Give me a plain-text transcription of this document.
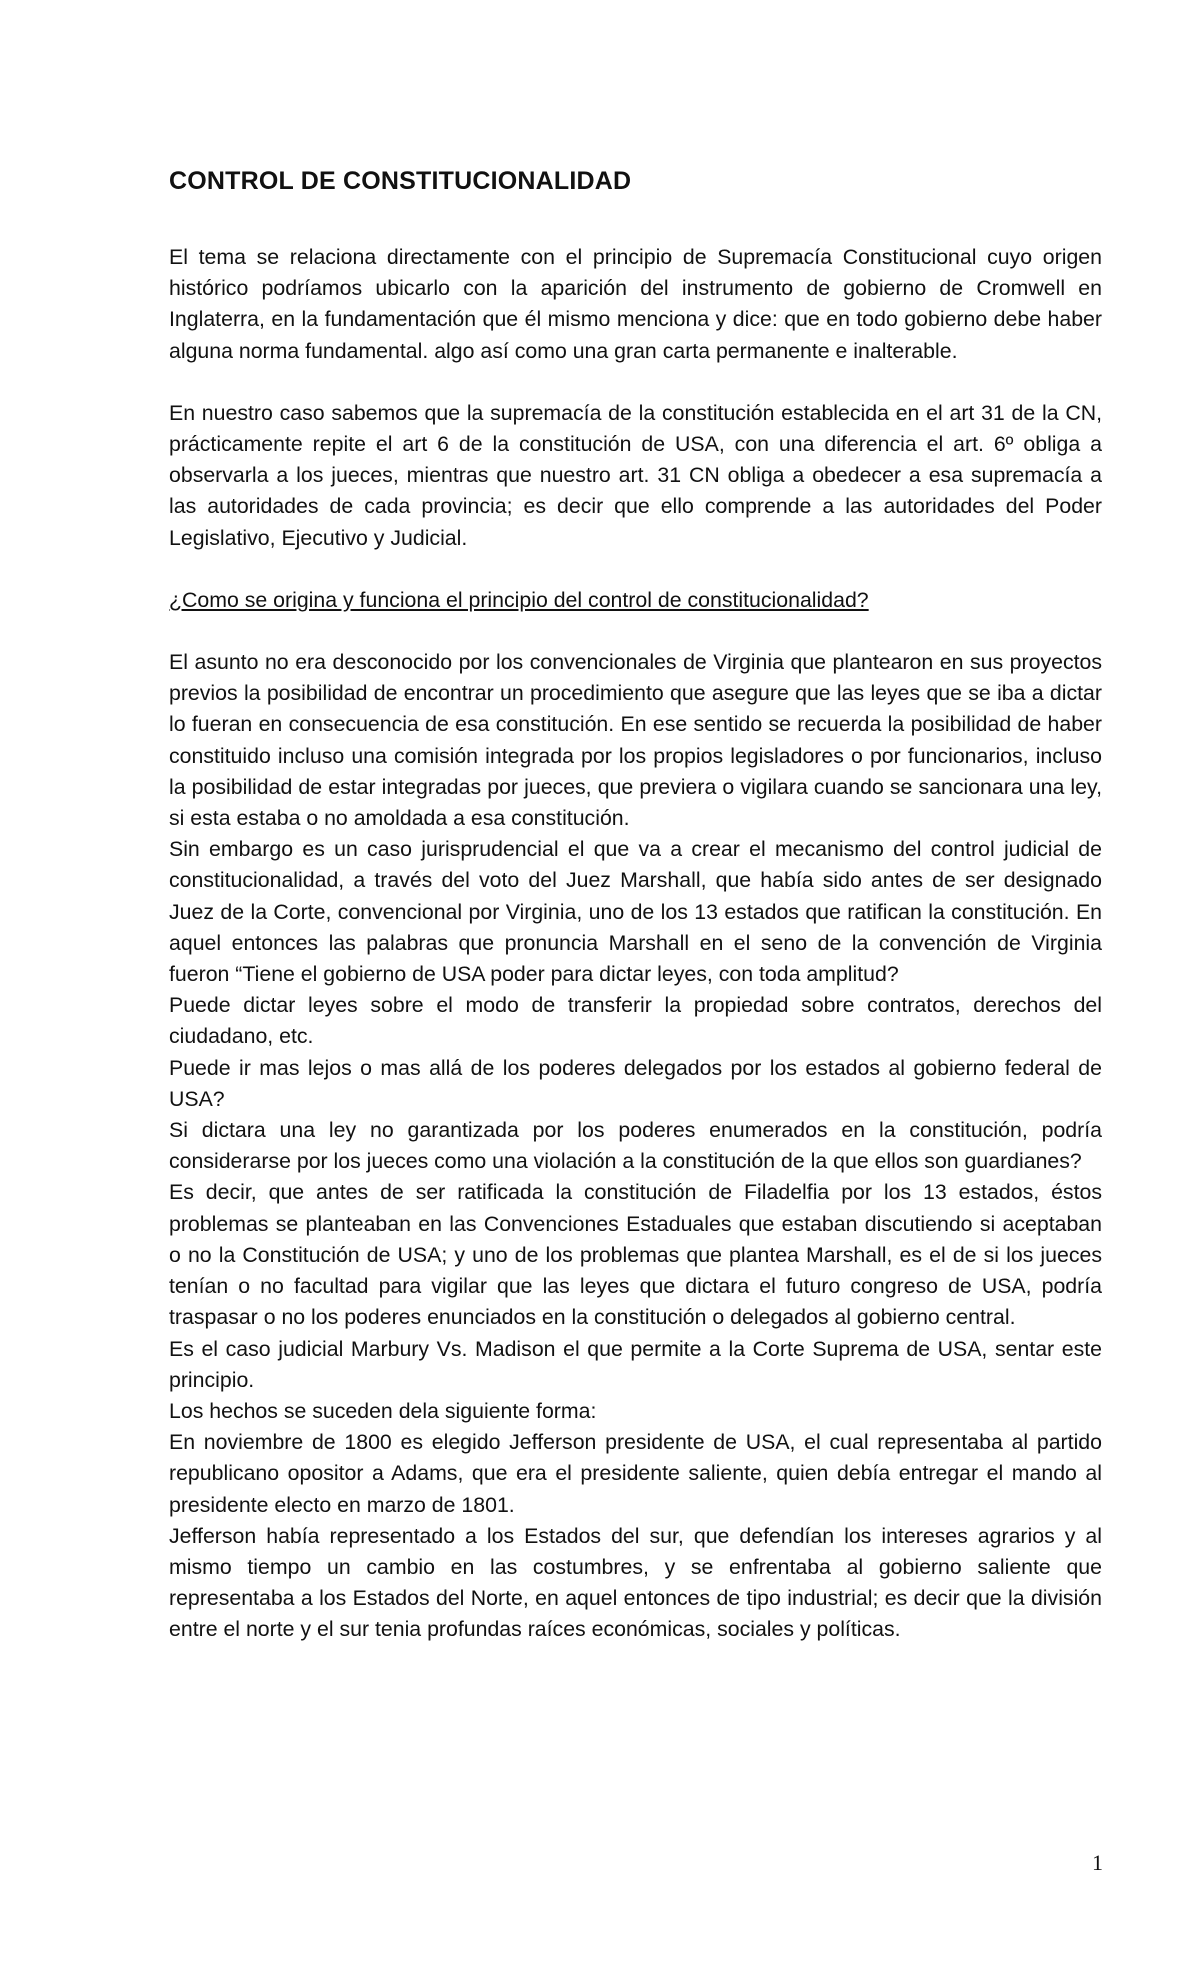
CONTROL DE CONSTITUCIONALIDAD

El tema se relaciona directamente con el principio de Supremacía Constitucional cuyo origen histórico podríamos ubicarlo con la aparición del instrumento de gobierno de Cromwell en Inglaterra, en la fundamentación que él mismo menciona y dice: que en todo gobierno debe haber alguna norma fundamental. algo así como una gran carta permanente e inalterable.

En nuestro caso sabemos que la supremacía de la constitución establecida en el art 31 de la CN, prácticamente repite el art 6 de la constitución de USA, con una diferencia el art. 6º obliga a observarla a los jueces, mientras que nuestro art. 31 CN obliga a obedecer a esa supremacía a las autoridades de cada provincia; es decir que ello comprende a las autoridades del Poder Legislativo, Ejecutivo y Judicial.

¿Como se origina y funciona el principio del control de constitucionalidad?

El asunto no era desconocido por los convencionales de Virginia que plantearon en sus proyectos previos la posibilidad de encontrar un procedimiento que asegure que las leyes que se iba a dictar lo fueran en consecuencia de esa constitución. En ese sentido se recuerda la posibilidad de haber constituido incluso una comisión integrada por los propios legisladores o por funcionarios, incluso la posibilidad de estar integradas por jueces, que previera o vigilara cuando se sancionara una ley, si esta estaba o no amoldada a esa constitución.

Sin embargo es un caso jurisprudencial el que va a crear el mecanismo del control judicial de constitucionalidad, a través del voto del Juez Marshall, que había sido antes de ser designado Juez de la Corte, convencional por Virginia, uno de los 13 estados que ratifican la constitución. En aquel entonces las palabras que pronuncia Marshall en el seno de la convención de Virginia fueron “Tiene el gobierno de USA poder para dictar leyes, con toda amplitud?

Puede dictar leyes sobre el modo de transferir la propiedad sobre contratos, derechos del ciudadano, etc.

Puede ir mas lejos o mas allá de los poderes delegados por los estados al gobierno federal de USA?

Si dictara una ley no garantizada por los poderes enumerados en la constitución, podría considerarse por los jueces como una violación a la constitución de la que ellos son guardianes?

Es decir, que antes de ser ratificada la constitución de Filadelfia por los 13 estados, éstos problemas se planteaban en las Convenciones Estaduales que estaban discutiendo si aceptaban o no la Constitución de USA; y uno de los problemas que plantea Marshall, es el de si los jueces tenían o no facultad para vigilar que las leyes que dictara el futuro congreso de USA, podría traspasar o no los poderes enunciados en la constitución o delegados al gobierno central.

Es el caso judicial Marbury Vs. Madison el que permite a la Corte Suprema de USA, sentar este principio.

Los hechos se suceden dela siguiente forma:

En noviembre de 1800 es elegido Jefferson presidente de USA, el cual representaba al partido republicano opositor a Adams, que era el presidente saliente, quien debía entregar el mando al presidente electo en marzo de 1801.

Jefferson había representado a los Estados del sur, que defendían los intereses agrarios y al mismo tiempo un cambio en las costumbres, y se enfrentaba al gobierno saliente que representaba a los Estados del Norte, en aquel entonces de tipo industrial; es decir que la división entre el norte y el sur tenia profundas raíces económicas, sociales y políticas.

1
